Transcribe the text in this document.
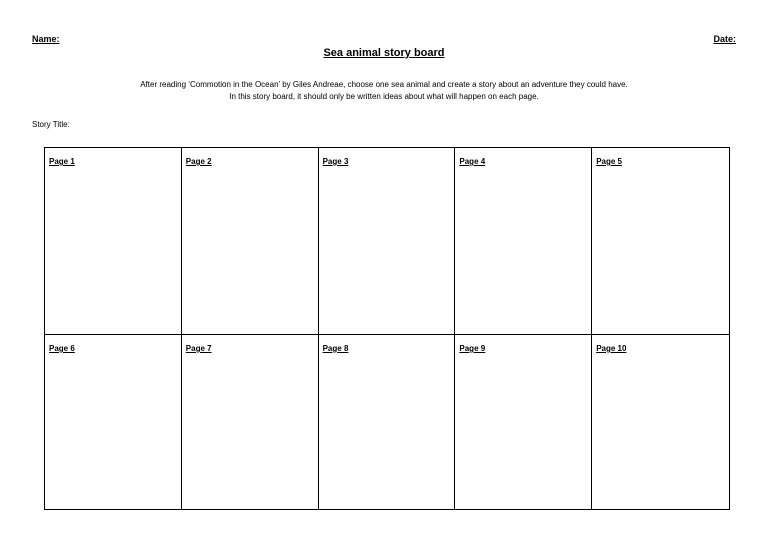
Name:	Date:
Sea animal story board
After reading ‘Commotion in the Ocean’ by Giles Andreae, choose one sea animal and create a story about an adventure they could have.
In this story board, it should only be written ideas about what will happen on each page.
Story Title:
Page 1	Page 2	Page 3	Page 4	Page 5
Page 6	Page 7	Page 8	Page 9	Page 10
